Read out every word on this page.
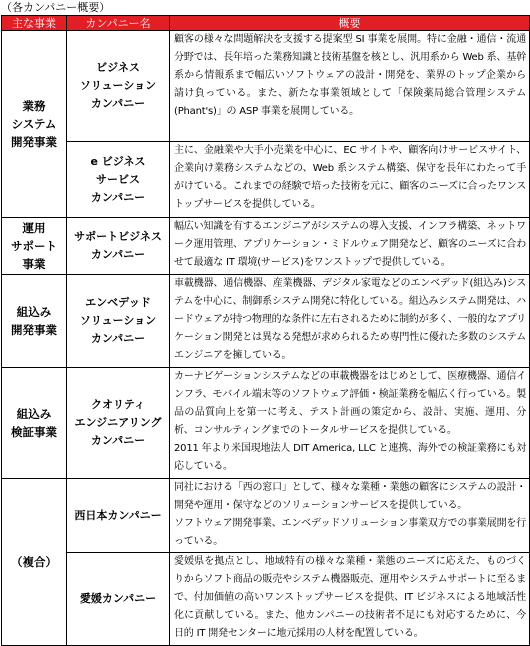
（各カンパニー概要）
主な事業	カンパニー名	概要

業務
システム
開発事業	ビジネス
ソリューション
カンパニー	顧客の様々な問題解決を支援する提案型 SI 事業を展開。特に金融・通信・流通分野では、長年培った業務知識と技術基盤を核とし、汎用系から Web 系、基幹系から情報系まで幅広いソフトウェアの設計・開発を、業界のトップ企業から請け負っている。また、新たな事業領域として「保険薬局総合管理システム(Phant's)」の ASP 事業を展開している。

	e ビジネス
サービス
カンパニー	主に、金融業や大手小売業を中心に、EC サイトや、顧客向けサービスサイト、企業向け業務システムなどの、Web 系システム構築、保守を長年にわたって手がけている。これまでの経験で培った技術を元に、顧客のニーズに合ったワンストップサービスを提供している。

運用
サポート
事業	サポートビジネス
カンパニー	幅広い知識を有するエンジニアがシステムの導入支援、インフラ構築、ネットワーク運用管理、アプリケーション・ミドルウェア開発など、顧客のニーズに合わせて最適な IT 環境(サービス)をワンストップで提供している。

組込み
開発事業	エンベデッド
ソリューション
カンパニー	車載機器、通信機器、産業機器、デジタル家電などのエンベデッド(組込み)システムを中心に、制御系システム開発に特化している。組込みシステム開発は、ハードウェアが持つ物理的な条件に左右されるために制約が多く、一般的なアプリケーション開発とは異なる発想が求められるため専門性に優れた多数のシステムエンジニアを擁している。

組込み
検証事業	クオリティ
エンジニアリング
カンパニー	カーナビゲーションシステムなどの車載機器をはじめとして、医療機器、通信インフラ、モバイル端末等のソフトウェア評価・検証業務を幅広く行っている。製品の品質向上を第一に考え、テスト計画の策定から、設計、実施、運用、分析、コンサルティングまでのトータルサービスを提供している。
2011 年より米国現地法人 DIT America, LLC と連携、海外での検証業務にも対応している。

（複合）	西日本カンパニー	同社における「西の窓口」として、様々な業種・業態の顧客にシステムの設計・開発や運用・保守などのソリューションサービスを提供している。
ソフトウェア開発事業、エンベデッドソリューション事業双方での事業展開を行っている。

	愛媛カンパニー	愛媛県を拠点とし、地域特有の様々な業種・業態のニーズに応えた、ものづくりからソフト商品の販売やシステム機器販売、運用やシステムサポートに至るまで、付加価値の高いワンストップサービスを提供、IT ビジネスによる地域活性化に貢献している。また、他カンパニーの技術者不足にも対応するために、今日的 IT 開発センターに地元採用の人材を配置している。
